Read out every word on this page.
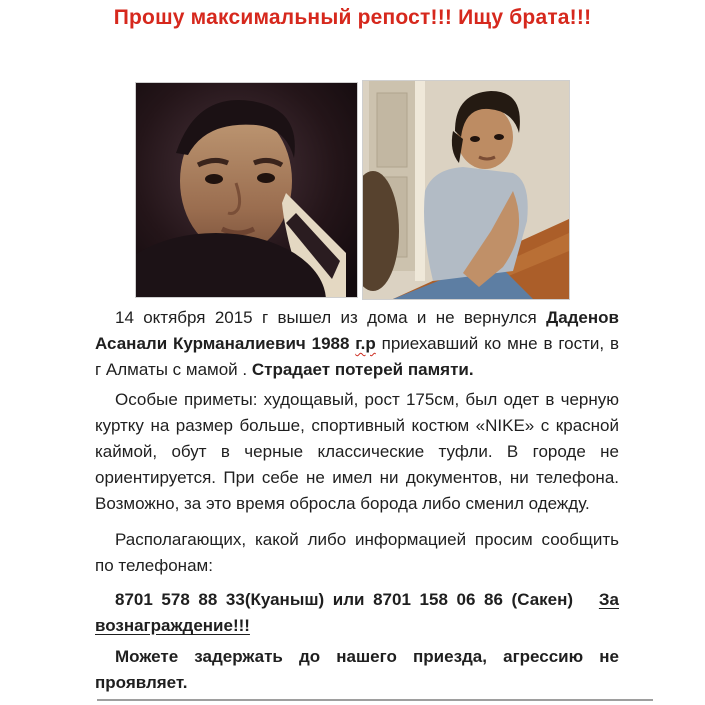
Прошу максимальный репост!!! Ищу брата!!!

14 октября 2015 г вышел из дома и не вернулся Даденов Асанали Курманалиевич 1988 г.р приехавший ко мне в гости, в г Алматы с мамой . Страдает потерей памяти.

Особые приметы: худощавый, рост 175см, был одет в черную куртку на размер больше, спортивный костюм «NIKE» с красной каймой, обут в черные классические туфли. В городе не ориентируется. При себе не имел ни документов, ни телефона. Возможно, за это время обросла борода либо сменил одежду.

Располагающих, какой либо информацией просим сообщить по телефонам:

8701 578 88 33(Куаныш) или 8701 158 06 86 (Сакен)   За вознаграждение!!!

Можете задержать до нашего приезда, агрессию не проявляет.
